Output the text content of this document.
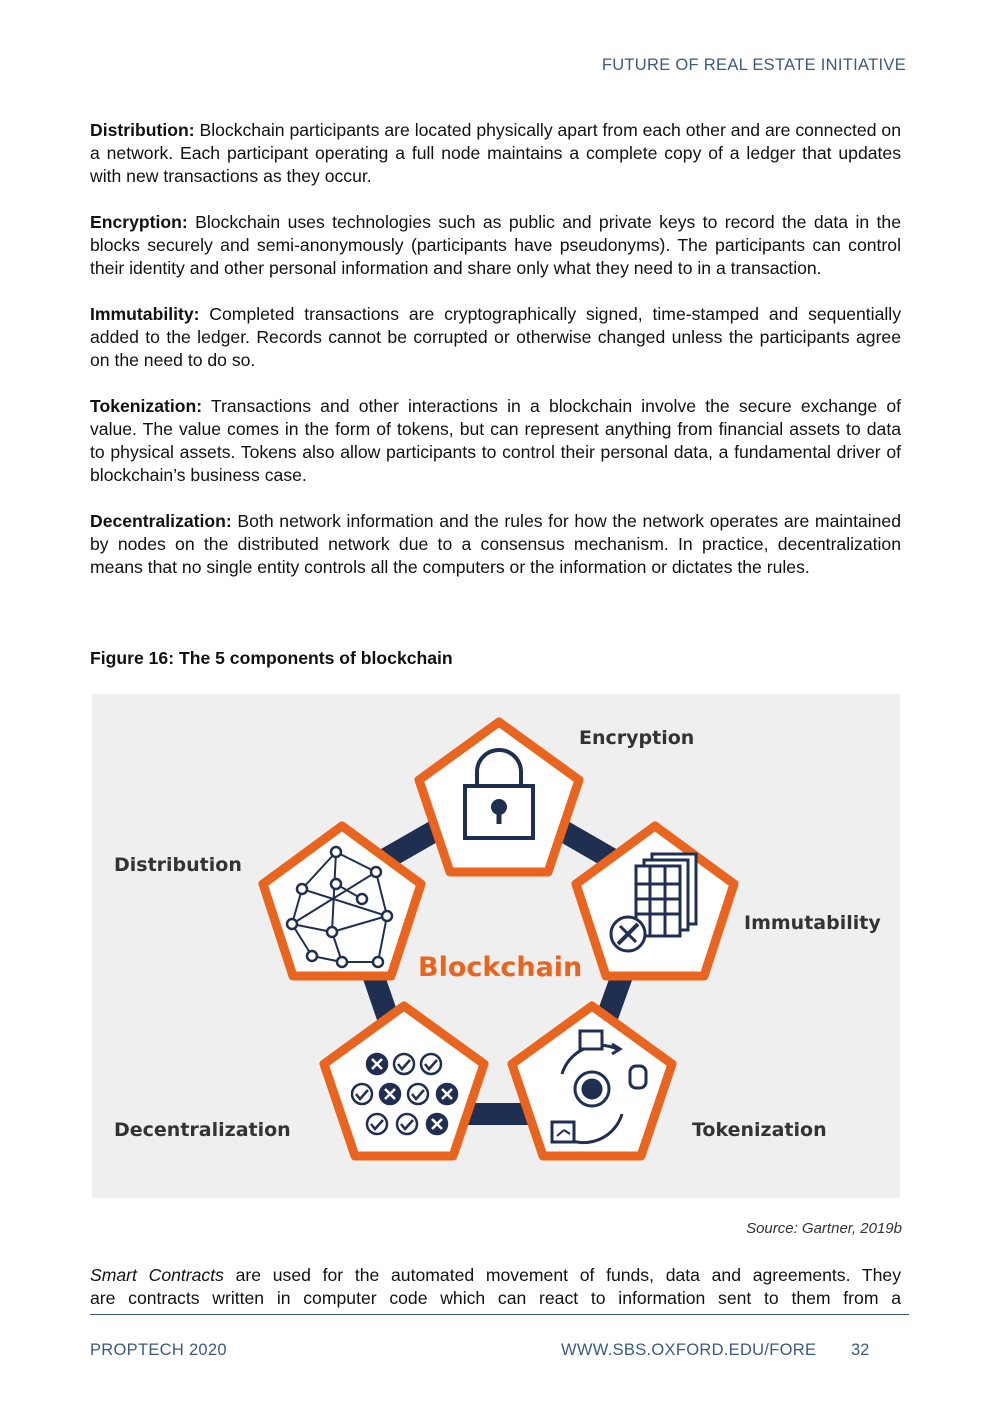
FUTURE OF REAL ESTATE INITIATIVE

Distribution: Blockchain participants are located physically apart from each other and are connected on a network. Each participant operating a full node maintains a complete copy of a ledger that updates with new transactions as they occur.

Encryption: Blockchain uses technologies such as public and private keys to record the data in the blocks securely and semi-anonymously (participants have pseudonyms). The participants can control their identity and other personal information and share only what they need to in a transaction.

Immutability: Completed transactions are cryptographically signed, time-stamped and sequentially added to the ledger. Records cannot be corrupted or otherwise changed unless the participants agree on the need to do so.

Tokenization: Transactions and other interactions in a blockchain involve the secure exchange of value. The value comes in the form of tokens, but can represent anything from financial assets to data to physical assets. Tokens also allow participants to control their personal data, a fundamental driver of blockchain’s business case.

Decentralization: Both network information and the rules for how the network operates are maintained by nodes on the distributed network due to a consensus mechanism. In practice, decentralization means that no single entity controls all the computers or the information or dictates the rules.

Figure 16: The 5 components of blockchain
Encryption
Distribution
Immutability
Decentralization	Tokenization
Blockchain
Source: Gartner, 2019b
Smart Contracts are used for the automated movement of funds, data and agreements. They
are contracts written in computer code which can react to information sent to them from a
PROPTECH 2020	WWW.SBS.OXFORD.EDU/FORE 32
